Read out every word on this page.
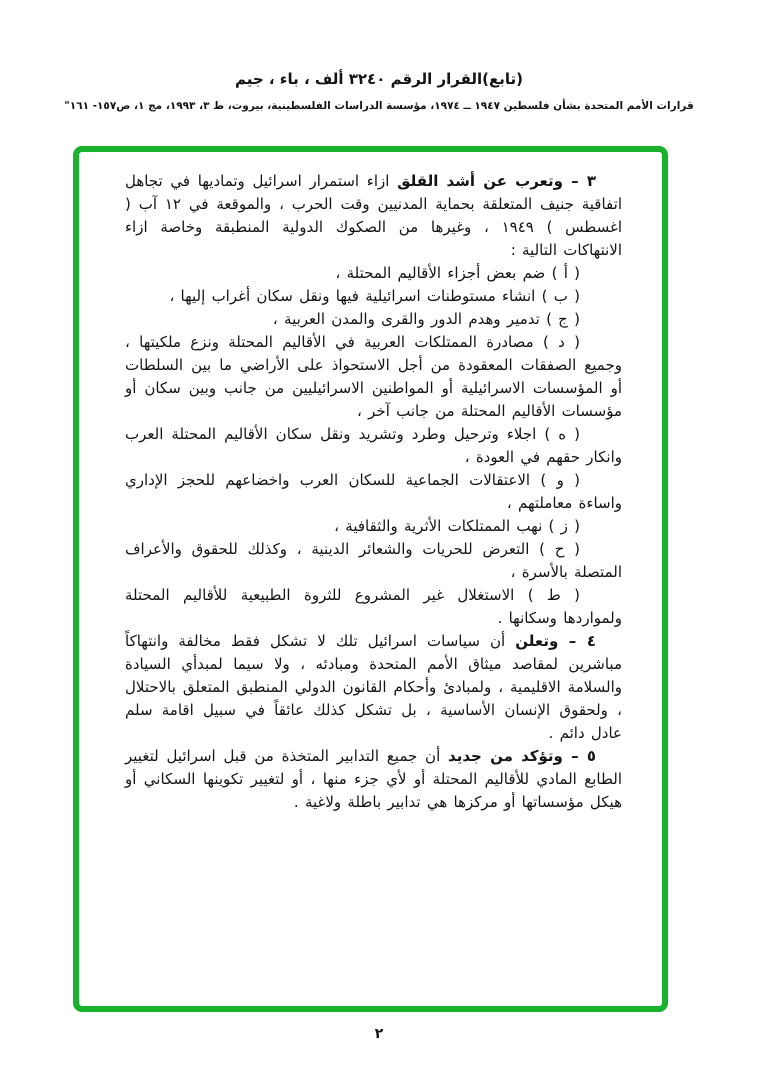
(تابع)القرار الرقم ٣٢٤٠ ألف ، باء ، جيم
قرارات الأمم المتحدة بشأن فلسطين ١٩٤٧ ــ ١٩٧٤، مؤسسة الدراسات الفلسطينية، بيروت، ط ٣، ١٩٩٣، مج ١، ص١٥٧- ١٦١"

٣ – وتعرب عن أشد القلق ازاء استمرار اسرائيل وتماديها في تجاهل اتفاقية جنيف المتعلقة بحماية المدنيين وقت الحرب ، والموقعة في ١٢ آب ( اغسطس ) ١٩٤٩ ، وغيرها من الصكوك الدولية المنطبقة وخاصة ازاء الانتهاكات التالية :

( أ ) ضم بعض أجزاء الأقاليم المحتلة ،

( ب ) انشاء مستوطنات اسرائيلية فيها ونقل سكان أغراب إليها ،

( ج ) تدمير وهدم الدور والقرى والمدن العربية ،

( د ) مصادرة الممتلكات العربية في الأقاليم المحتلة ونزع ملكيتها ، وجميع الصفقات المعقودة من أجل الاستحواذ على الأراضي ما بين السلطات أو المؤسسات الاسرائيلية أو المواطنين الاسرائيليين من جانب وبين سكان أو مؤسسات الأقاليم المحتلة من جانب آخر ،

( ه ) اجلاء وترحيل وطرد وتشريد ونقل سكان الأقاليم المحتلة العرب وانكار حقهم في العودة ،

( و ) الاعتقالات الجماعية للسكان العرب واخضاعهم للحجز الإداري واساءة معاملتهم ،

( ز ) نهب الممتلكات الأثرية والثقافية ،

( ح ) التعرض للحريات والشعائر الدينية ، وكذلك للحقوق والأعراف المتصلة بالأسرة ،

( ط ) الاستغلال غير المشروع للثروة الطبيعية للأقاليم المحتلة ولمواردها وسكانها .

٤ – وتعلن أن سياسات اسرائيل تلك لا تشكل فقط مخالفة وانتهاكاً مباشرين لمقاصد ميثاق الأمم المتحدة ومبادئه ، ولا سيما لمبدأي السيادة والسلامة الاقليمية ، ولمبادئ وأحكام القانون الدولي المنطبق المتعلق بالاحتلال ، ولحقوق الإنسان الأساسية ، بل تشكل كذلك عائقاً في سبيل اقامة سلم عادل دائم .

٥ – وتؤكد من جديد أن جميع التدابير المتخذة من قبل اسرائيل لتغيير الطابع المادي للأقاليم المحتلة أو لأي جزء منها ، أو لتغيير تكوينها السكاني أو هيكل مؤسساتها أو مركزها هي تدابير باطلة ولاغية .

٢
